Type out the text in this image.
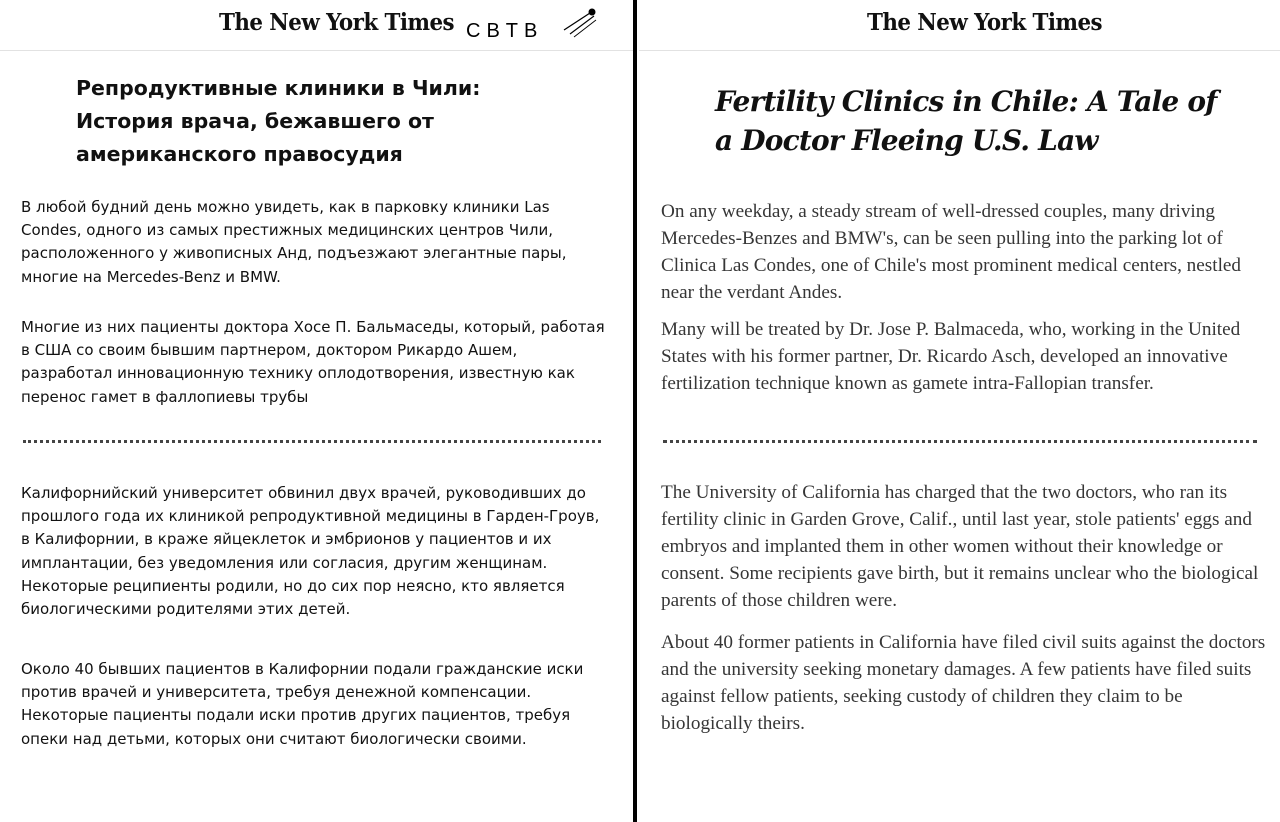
The New York Times CBTB
Репродуктивные клиники в Чили: История врача, бежавшего от американского правосудия

В любой будний день можно увидеть, как в парковку клиники Las Condes, одного из самых престижных медицинских центров Чили, расположенного у живописных Анд, подъезжают элегантные пары, многие на Mercedes-Benz и BMW.

Многие из них пациенты доктора Хосе П. Бальмаседы, который, работая в США со своим бывшим партнером, доктором Рикардо Ашем, разработал инновационную технику оплодотворения, известную как перенос гамет в фаллопиевы трубы

Калифорнийский университет обвинил двух врачей, руководивших до прошлого года их клиникой репродуктивной медицины в Гарден-Гроув, в Калифорнии, в краже яйцеклеток и эмбрионов у пациентов и их имплантации, без уведомления или согласия, другим женщинам. Некоторые реципиенты родили, но до сих пор неясно, кто является биологическими родителями этих детей.

Около 40 бывших пациентов в Калифорнии подали гражданские иски против врачей и университета, требуя денежной компенсации. Некоторые пациенты подали иски против других пациентов, требуя опеки над детьми, которых они считают биологически своими.

The New York Times
Fertility Clinics in Chile: A Tale of a Doctor Fleeing U.S. Law

On any weekday, a steady stream of well-dressed couples, many driving Mercedes-Benzes and BMW's, can be seen pulling into the parking lot of Clinica Las Condes, one of Chile's most prominent medical centers, nestled near the verdant Andes.

Many will be treated by Dr. Jose P. Balmaceda, who, working in the United States with his former partner, Dr. Ricardo Asch, developed an innovative fertilization technique known as gamete intra-Fallopian transfer.

The University of California has charged that the two doctors, who ran its fertility clinic in Garden Grove, Calif., until last year, stole patients' eggs and embryos and implanted them in other women without their knowledge or consent. Some recipients gave birth, but it remains unclear who the biological parents of those children were.

About 40 former patients in California have filed civil suits against the doctors and the university seeking monetary damages. A few patients have filed suits against fellow patients, seeking custody of children they claim to be biologically theirs.
